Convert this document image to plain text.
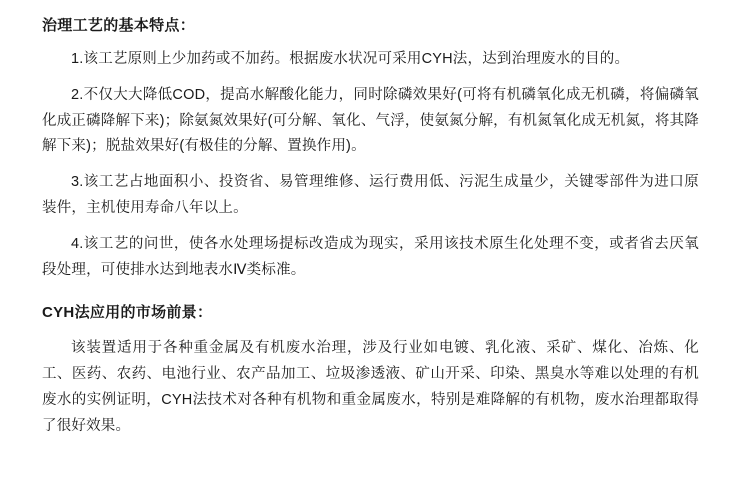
治理工艺的基本特点：

1.该工艺原则上少加药或不加药。根据废水状况可采用CYH法，达到治理废水的目的。

2.不仅大大降低COD，提高水解酸化能力，同时除磷效果好(可将有机磷氧化成无机磷，将偏磷氧化成正磷降解下来)；除氨氮效果好(可分解、氧化、气浮，使氨氮分解，有机氮氧化成无机氮，将其降解下来)；脱盐效果好(有极佳的分解、置换作用)。

3.该工艺占地面积小、投资省、易管理维修、运行费用低、污泥生成量少，关键零部件为进口原装件，主机使用寿命八年以上。

4.该工艺的问世，使各水处理场提标改造成为现实，采用该技术原生化处理不变，或者省去厌氧段处理，可使排水达到地表水Ⅳ类标准。

CYH法应用的市场前景：

该装置适用于各种重金属及有机废水治理，涉及行业如电镀、乳化液、采矿、煤化、冶炼、化工、医药、农药、电池行业、农产品加工、垃圾渗透液、矿山开采、印染、黑臭水等难以处理的有机废水的实例证明，CYH法技术对各种有机物和重金属废水，特别是难降解的有机物，废水治理都取得了很好效果。
